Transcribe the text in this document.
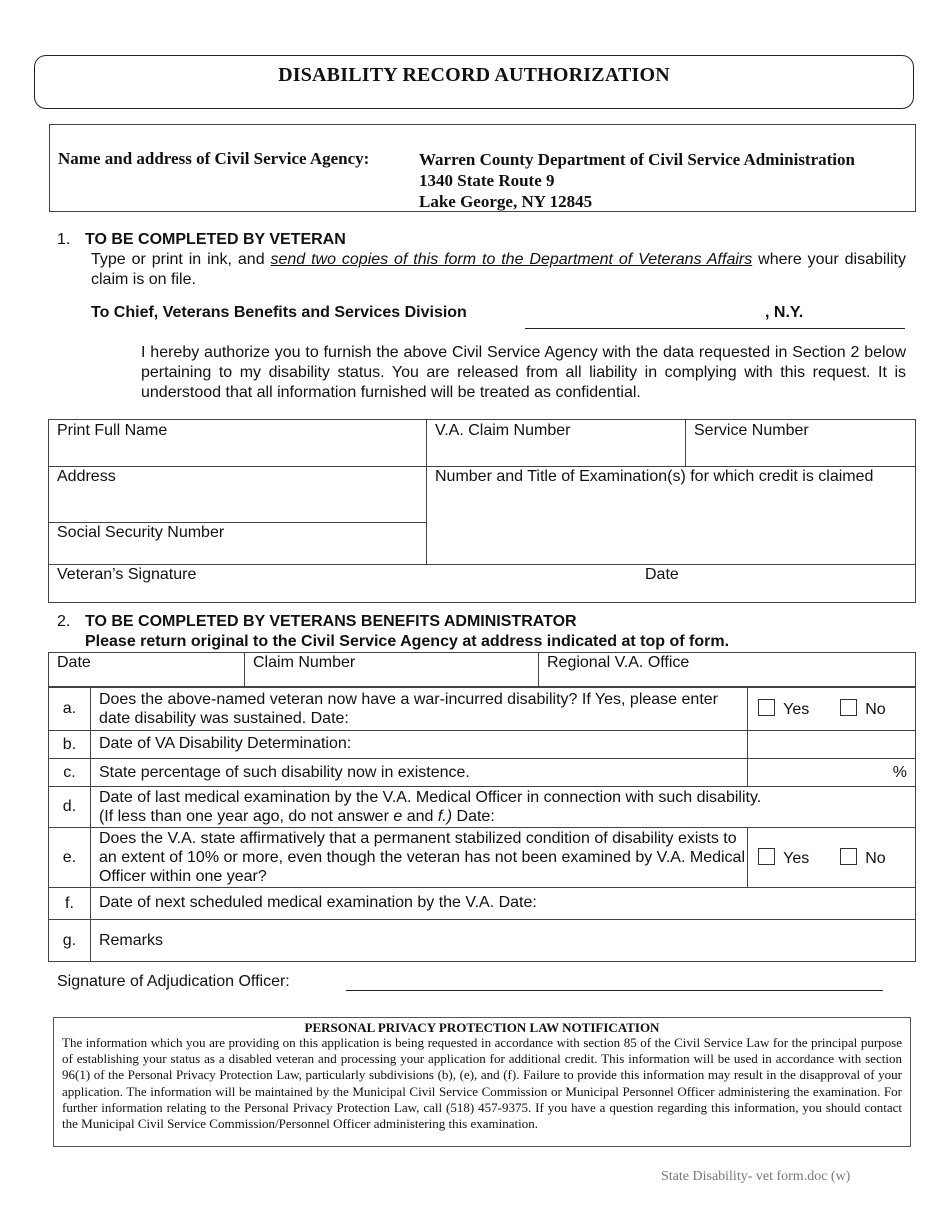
DISABILITY RECORD AUTHORIZATION
Name and address of Civil Service Agency:	Warren County Department of Civil Service Administration
1340 State Route 9
Lake George, NY 12845
1. TO BE COMPLETED BY VETERAN
Type or print in ink, and send two copies of this form to the Department of Veterans Affairs where your disability claim is on file.
To Chief, Veterans Benefits and Services Division	, N.Y.
I hereby authorize you to furnish the above Civil Service Agency with the data requested in Section 2 below pertaining to my disability status. You are released from all liability in complying with this request. It is understood that all information furnished will be treated as confidential.
Print Full Name	V.A. Claim Number	Service Number
Address	Number and Title of Examination(s) for which credit is claimed
Social Security Number
Veteran’s Signature	Date
2. TO BE COMPLETED BY VETERANS BENEFITS ADMINISTRATOR
Please return original to the Civil Service Agency at address indicated at top of form.
Date	Claim Number	Regional V.A. Office
a.	Does the above-named veteran now have a war-incurred disability? If Yes, please enter date disability was sustained. Date:	Yes No
b.	Date of VA Disability Determination:	
c.	State percentage of such disability now in existence.	%
d.	Date of last medical examination by the V.A. Medical Officer in connection with such disability.
(If less than one year ago, do not answer e and f.) Date:	

e.	Does the V.A. state affirmatively that a permanent stabilized condition of disability exists to an extent of 10% or more, even though the veteran has not been examined by V.A. Medical Officer within one year?	Yes No
f.	Date of next scheduled medical examination by the V.A. Date:	
g.	Remarks	
Signature of Adjudication Officer:
PERSONAL PRIVACY PROTECTION LAW NOTIFICATION
The information which you are providing on this application is being requested in accordance with section 85 of the Civil Service Law for the principal purpose of establishing your status as a disabled veteran and processing your application for additional credit. This information will be used in accordance with section 96(1) of the Personal Privacy Protection Law, particularly subdivisions (b), (e), and (f). Failure to provide this information may result in the disapproval of your application. The information will be maintained by the Municipal Civil Service Commission or Municipal Personnel Officer administering the examination. For further information relating to the Personal Privacy Protection Law, call (518) 457-9375. If you have a question regarding this information, you should contact the Municipal Civil Service Commission/Personnel Officer administering this examination.
State Disability- vet form.doc (w)
